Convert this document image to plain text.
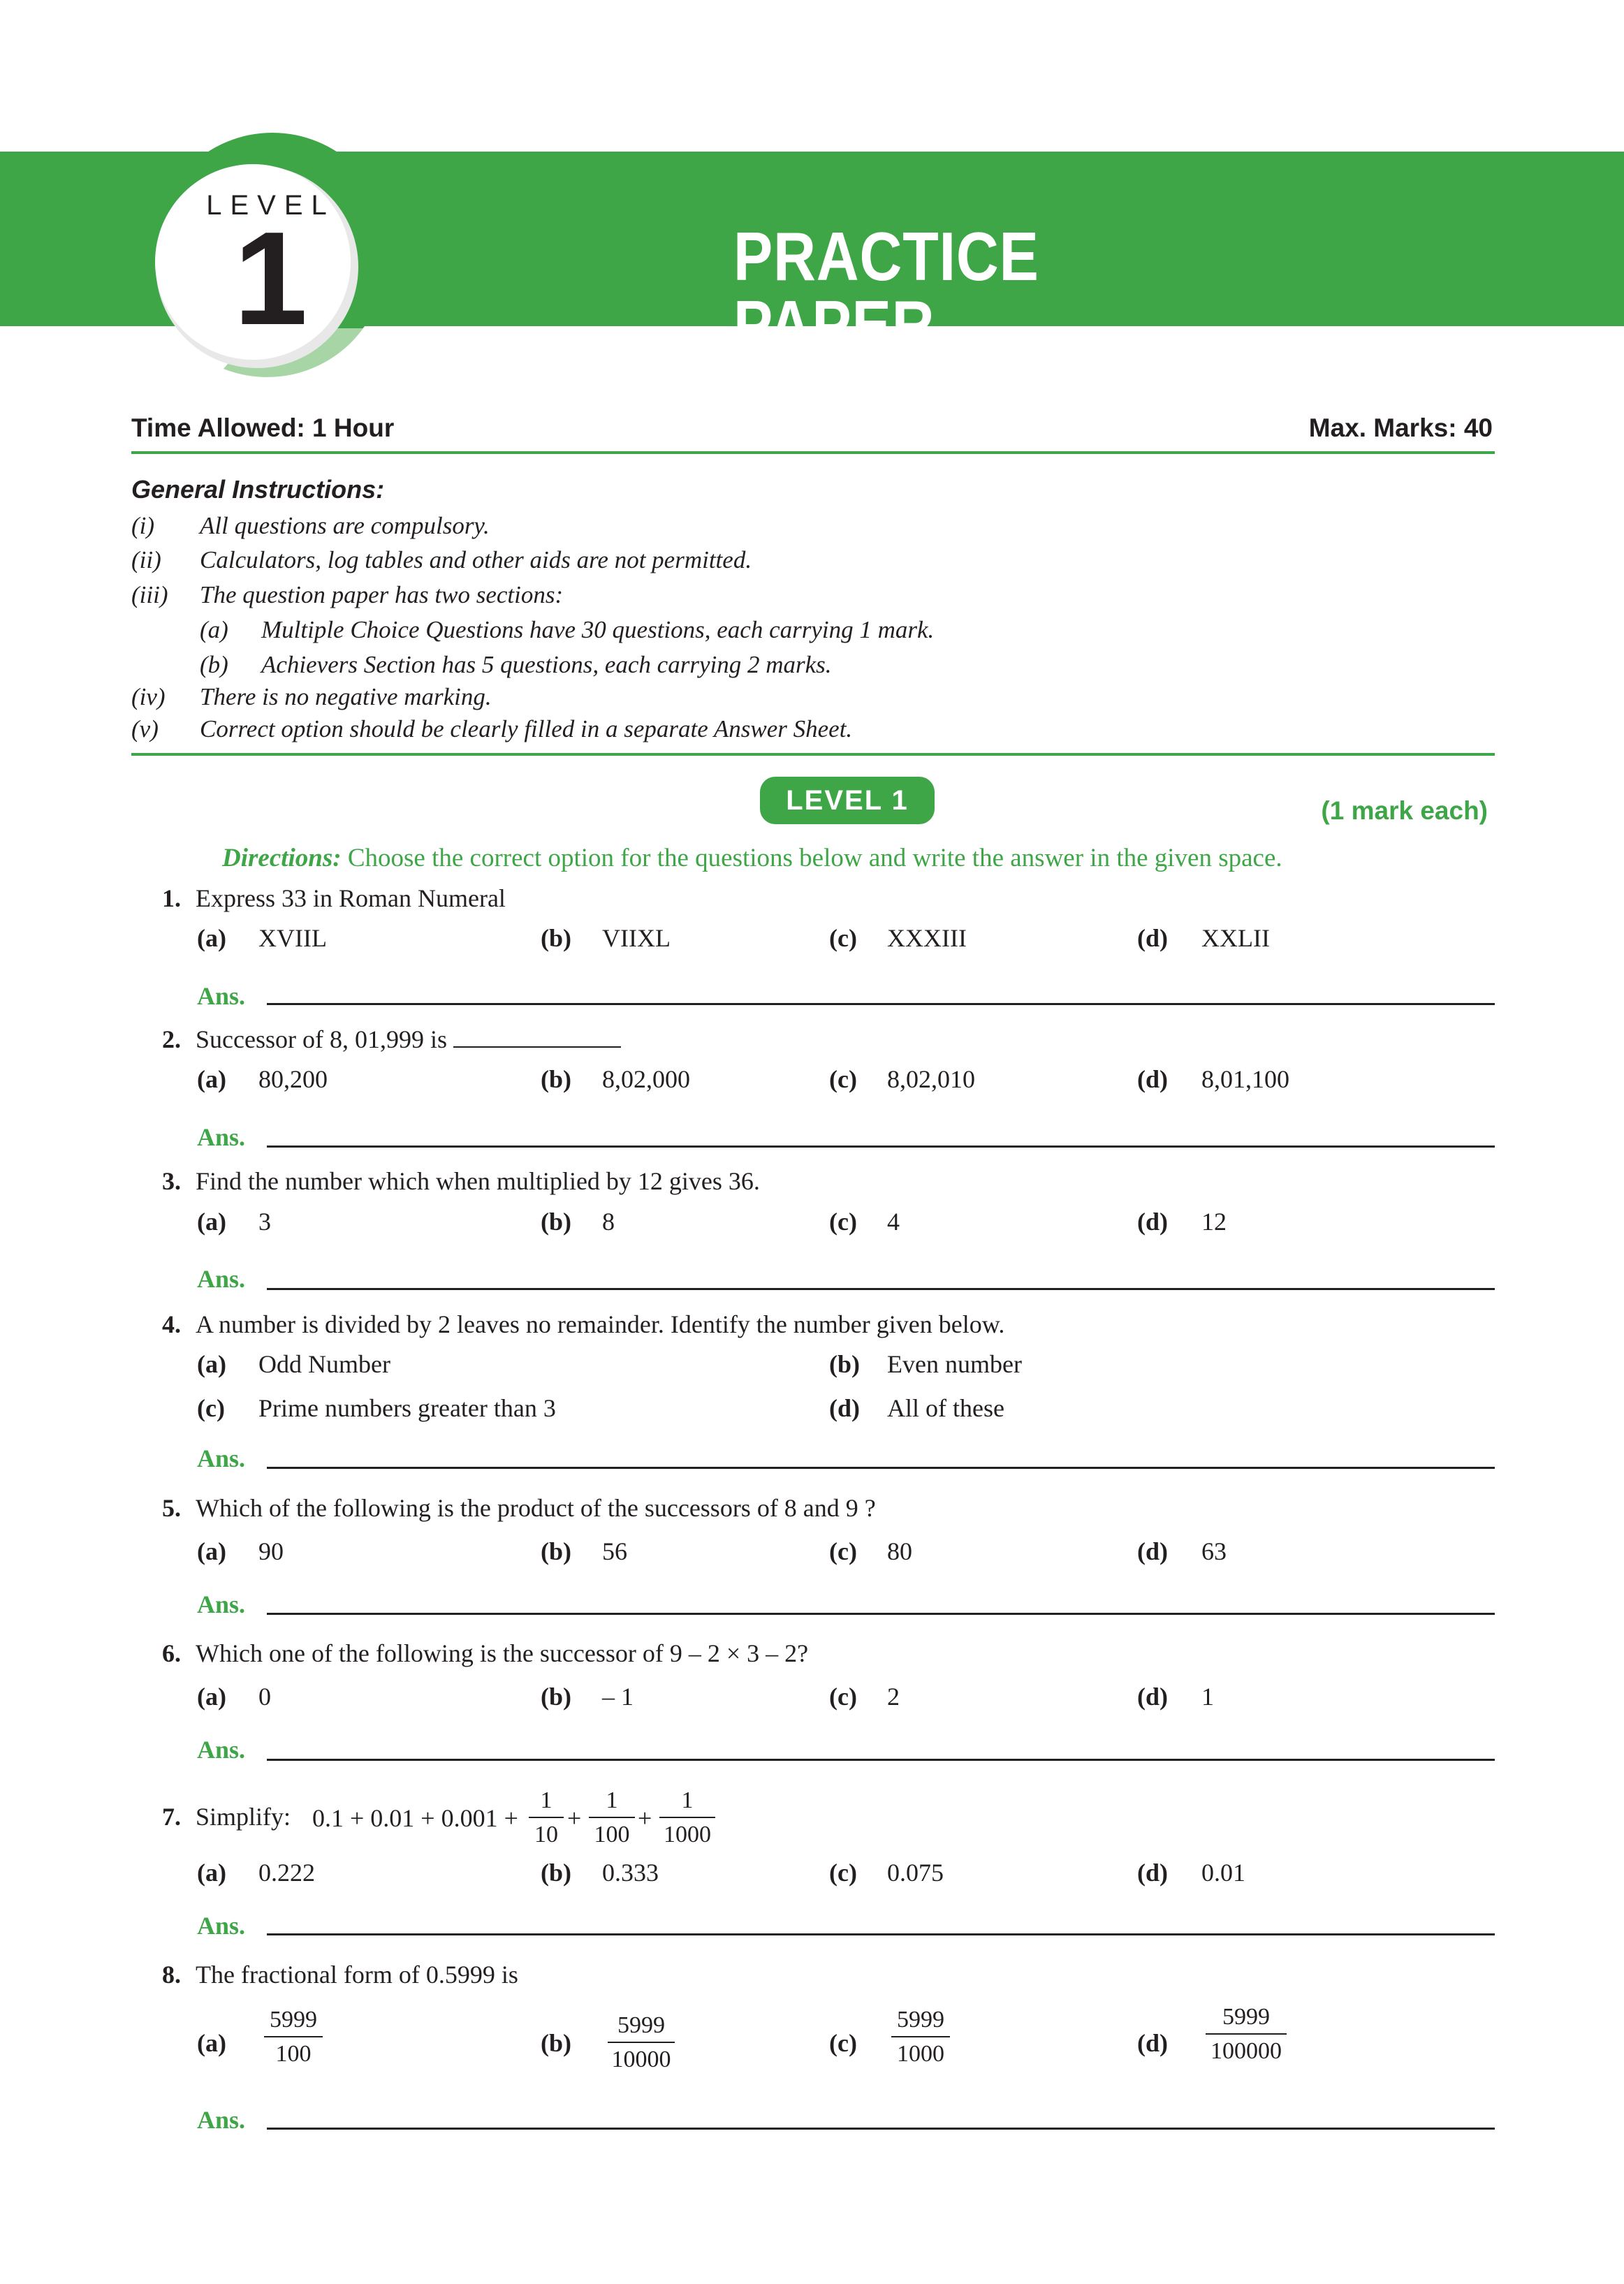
LEVEL
1	PRACTICE PAPER
Time Allowed: 1 Hour	Max. Marks: 40
General Instructions:
(i) All questions are compulsory.
(ii) Calculators, log tables and other aids are not permitted.
(iii) The question paper has two sections:
(a) Multiple Choice Questions have 30 questions, each carrying 1 mark.
(b) Achievers Section has 5 questions, each carrying 2 marks.
(iv) There is no negative marking.
(v) Correct option should be clearly filled in a separate Answer Sheet.
LEVEL 1	(1 mark each)
Directions: Choose the correct option for the questions below and write the answer in the given space.
1. Express 33 in Roman Numeral
(a) XVIIL	(b) VIIXL	(c) XXXIII	(d) XXLII
Ans.
2. Successor of 8, 01,999 is
(a) 80,200	(b) 8,02,000	(c) 8,02,010	(d) 8,01,100
Ans.
3. Find the number which when multiplied by 12 gives 36.
(a) 3	(b) 8	(c) 4	(d) 12
Ans.
4. A number is divided by 2 leaves no remainder. Identify the number given below.
(a) Odd Number	(b) Even number
(c) Prime numbers greater than 3	(d) All of these
Ans.
5. Which of the following is the product of the successors of 8 and 9 ?
(a) 90	(b) 56	(c) 80	(d) 63
Ans.
6. Which one of the following is the successor of 9 – 2 × 3 – 2?
(a) 0	(b) – 1	(c) 2	(d) 1
Ans.
7. Simplify: 0.1 + 0.01 + 0.001 +
1
10
+
1
100
+
1
1000
(a) 0.222	(b) 0.333	(c) 0.075	(d) 0.01
Ans.
8. The fractional form of 0.5999 is
(a)
5999
100	(b)
5999
10000
(c)
5999
1000	(d)
5999
100000
Ans.
